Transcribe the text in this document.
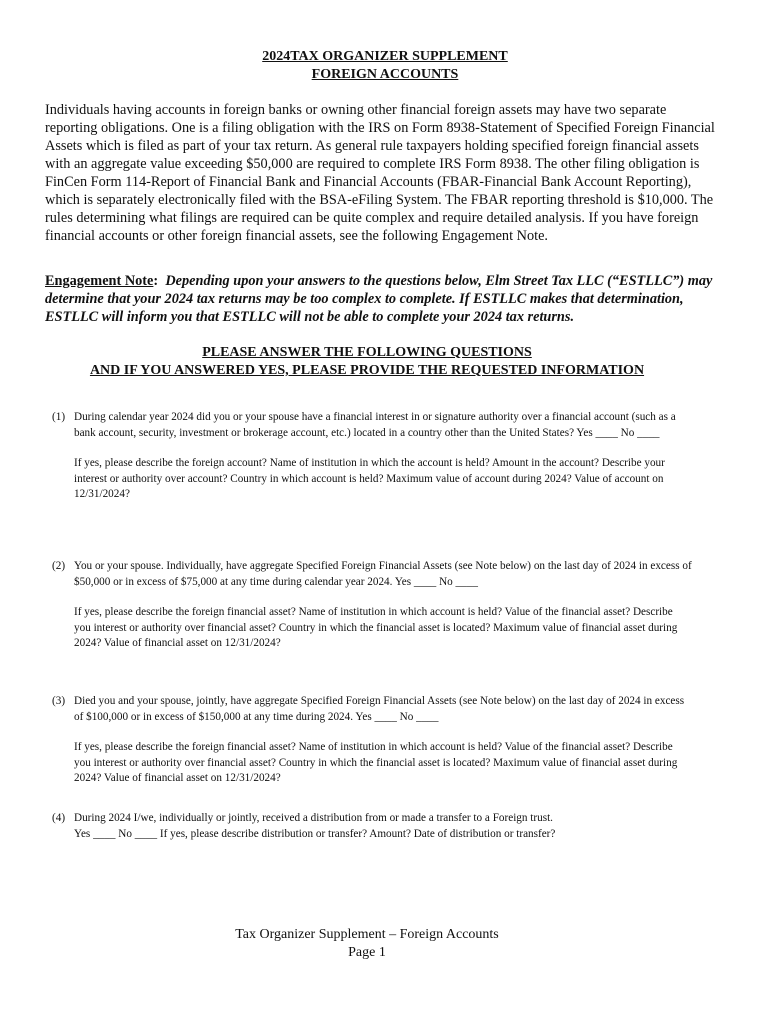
2024TAX ORGANIZER SUPPLEMENT
FOREIGN ACCOUNTS

Individuals having accounts in foreign banks or owning other financial foreign assets may have two separate reporting obligations. One is a filing obligation with the IRS on Form 8938-Statement of Specified Foreign Financial Assets which is filed as part of your tax return. As general rule taxpayers holding specified foreign financial assets with an aggregate value exceeding $50,000 are required to complete IRS Form 8938. The other filing obligation is FinCen Form 114-Report of Financial Bank and Financial Accounts (FBAR-Financial Bank Account Reporting), which is separately electronically filed with the BSA-eFiling System. The FBAR reporting threshold is $10,000. The rules determining what filings are required can be quite complex and require detailed analysis. If you have foreign financial accounts or other foreign financial assets, see the following Engagement Note.

Engagement Note: Depending upon your answers to the questions below, Elm Street Tax LLC (“ESTLLC”) may determine that your 2024 tax returns may be too complex to complete. If ESTLLC makes that determination, ESTLLC will inform you that ESTLLC will not be able to complete your 2024 tax returns.

PLEASE ANSWER THE FOLLOWING QUESTIONS
AND IF YOU ANSWERED YES, PLEASE PROVIDE THE REQUESTED INFORMATION
(1) During calendar year 2024 did you or your spouse have a financial interest in or signature authority over a financial account (such as a bank account, security, investment or brokerage account, etc.) located in a country other than the United States? Yes ____ No ____
If yes, please describe the foreign account? Name of institution in which the account is held? Amount in the account? Describe your interest or authority over account? Country in which account is held? Maximum value of account during 2024? Value of account on 12/31/2024?
(2) You or your spouse. Individually, have aggregate Specified Foreign Financial Assets (see Note below) on the last day of 2024 in excess of $50,000 or in excess of $75,000 at any time during calendar year 2024. Yes ____ No ____
If yes, please describe the foreign financial asset? Name of institution in which account is held? Value of the financial asset? Describe you interest or authority over financial asset? Country in which the financial asset is located? Maximum value of financial asset during 2024? Value of financial asset on 12/31/2024?
(3) Died you and your spouse, jointly, have aggregate Specified Foreign Financial Assets (see Note below) on the last day of 2024 in excess of $100,000 or in excess of $150,000 at any time during 2024. Yes ____ No ____
If yes, please describe the foreign financial asset? Name of institution in which account is held? Value of the financial asset? Describe you interest or authority over financial asset? Country in which the financial asset is located? Maximum value of financial asset during 2024? Value of financial asset on 12/31/2024?
(4) During 2024 I/we, individually or jointly, received a distribution from or made a transfer to a Foreign trust.
Yes ____ No ____ If yes, please describe distribution or transfer? Amount? Date of distribution or transfer?
Tax Organizer Supplement – Foreign Accounts
Page 1
